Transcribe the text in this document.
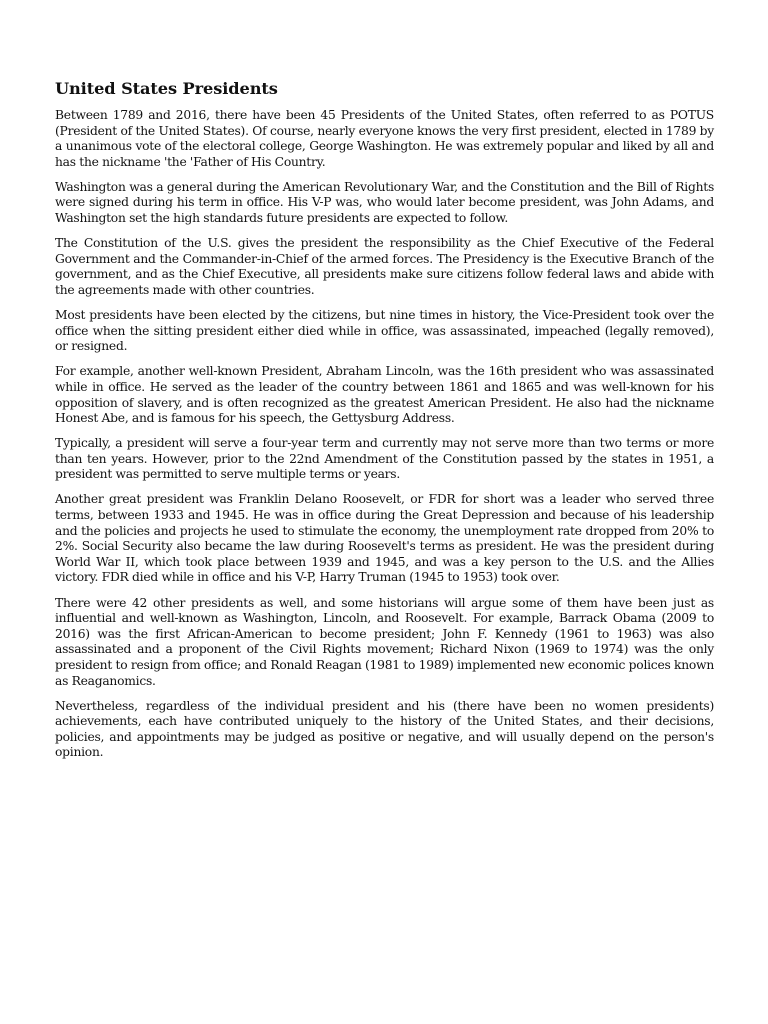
United States Presidents

Between 1789 and 2016, there have been 45 Presidents of the United States, often referred to as POTUS (President of the United States). Of course, nearly everyone knows the very first president, elected in 1789 by a unanimous vote of the electoral college, George Washington. He was extremely popular and liked by all and has the nickname 'the 'Father of His Country.

Washington was a general during the American Revolutionary War, and the Constitution and the Bill of Rights were signed during his term in office. His V-P was, who would later become president, was John Adams, and Washington set the high standards future presidents are expected to follow.

The Constitution of the U.S. gives the president the responsibility as the Chief Executive of the Federal Government and the Commander-in-Chief of the armed forces. The Presidency is the Executive Branch of the government, and as the Chief Executive, all presidents make sure citizens follow federal laws and abide with the agreements made with other countries.

Most presidents have been elected by the citizens, but nine times in history, the Vice-President took over the office when the sitting president either died while in office, was assassinated, impeached (legally removed), or resigned.

For example, another well-known President, Abraham Lincoln, was the 16th president who was assassinated while in office. He served as the leader of the country between 1861 and 1865 and was well-known for his opposition of slavery, and is often recognized as the greatest American President. He also had the nickname Honest Abe, and is famous for his speech, the Gettysburg Address.

Typically, a president will serve a four-year term and currently may not serve more than two terms or more than ten years. However, prior to the 22nd Amendment of the Constitution passed by the states in 1951, a president was permitted to serve multiple terms or years.

Another great president was Franklin Delano Roosevelt, or FDR for short was a leader who served three terms, between 1933 and 1945. He was in office during the Great Depression and because of his leadership and the policies and projects he used to stimulate the economy, the unemployment rate dropped from 20% to 2%. Social Security also became the law during Roosevelt's terms as president. He was the president during World War II, which took place between 1939 and 1945, and was a key person to the U.S. and the Allies victory. FDR died while in office and his V-P, Harry Truman (1945 to 1953) took over.

There were 42 other presidents as well, and some historians will argue some of them have been just as influential and well-known as Washington, Lincoln, and Roosevelt. For example, Barrack Obama (2009 to 2016) was the first African-American to become president; John F. Kennedy (1961 to 1963) was also assassinated and a proponent of the Civil Rights movement; Richard Nixon (1969 to 1974) was the only president to resign from office; and Ronald Reagan (1981 to 1989) implemented new economic polices known as Reaganomics.

Nevertheless, regardless of the individual president and his (there have been no women presidents) achievements, each have contributed uniquely to the history of the United States, and their decisions, policies, and appointments may be judged as positive or negative, and will usually depend on the person's opinion.
